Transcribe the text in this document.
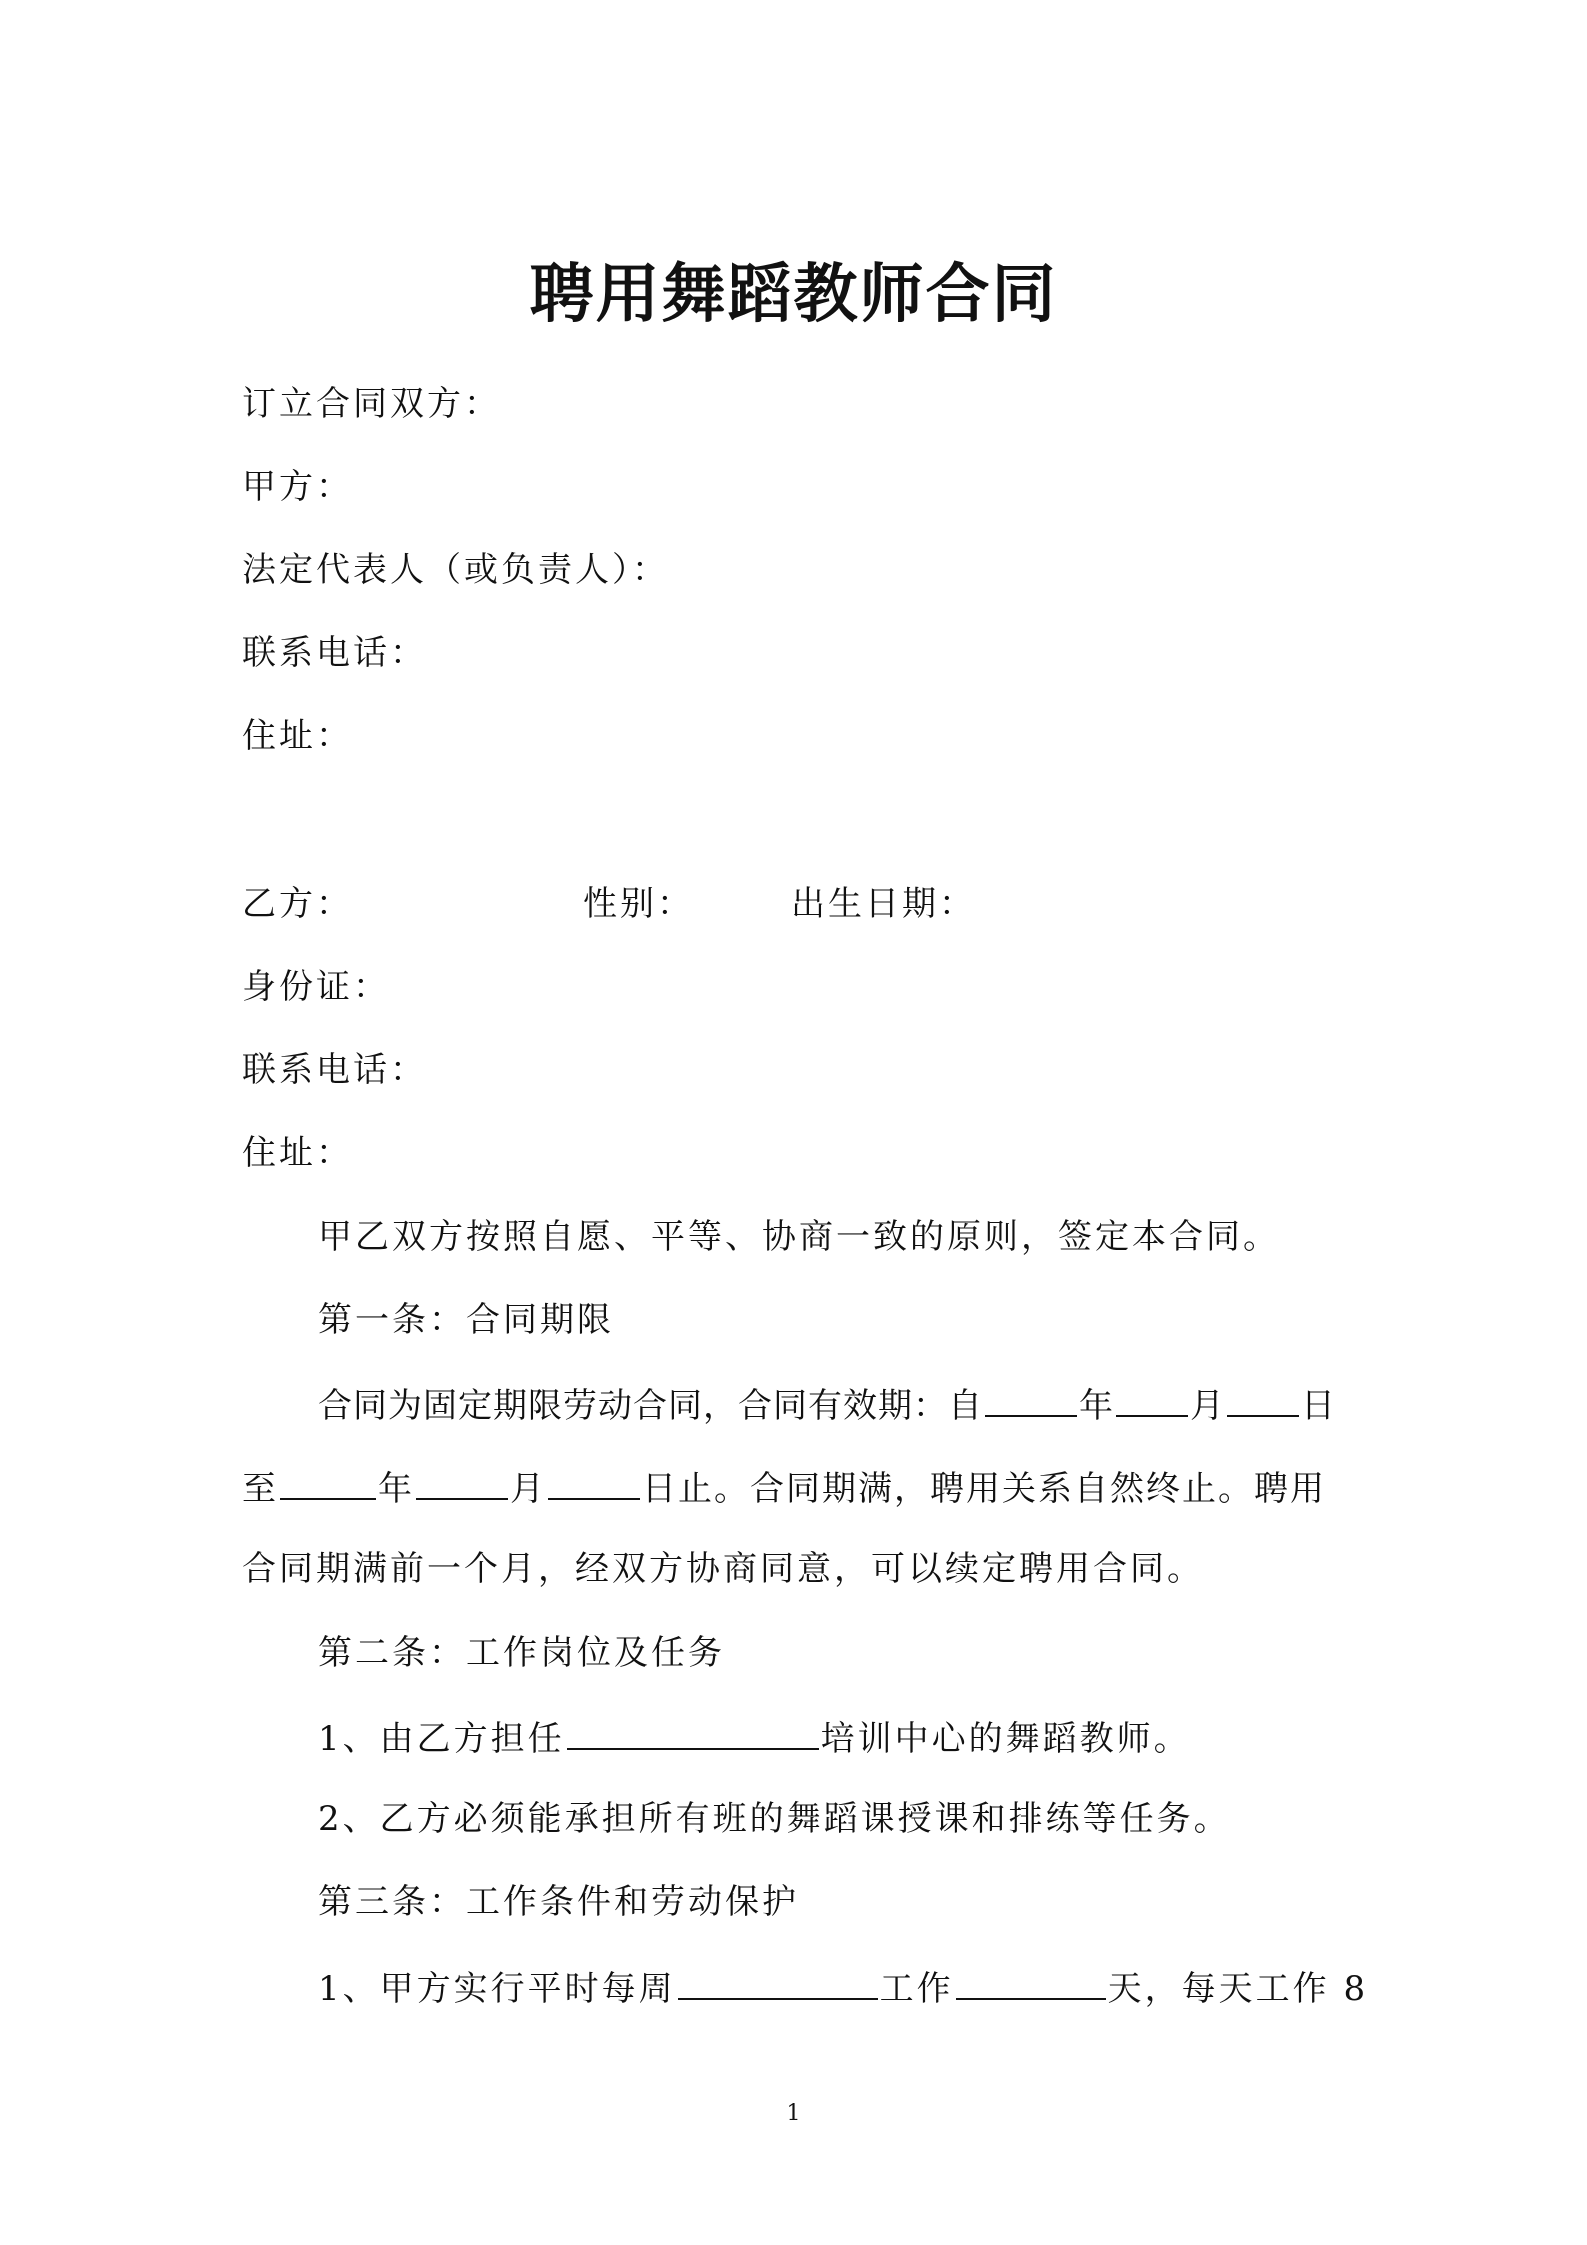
聘用舞蹈教师合同
订立合同双方：
甲方：
法定代表人（或负责人）：
联系电话：
住址：
乙方：	性别：	出生日期：
身份证：
联系电话：
住址：
甲乙双方按照自愿、平等、协商一致的原则，签定本合同。
第一条：合同期限
合同为固定期限劳动合同，合同有效期：自	年 月 日
至	年	月	日止。合同期满，聘用关系自然终止。聘用
合同期满前一个月，经双方协商同意，可以续定聘用合同。
第二条：工作岗位及任务
1、由乙方担任	培训中心的舞蹈教师。
2、乙方必须能承担所有班的舞蹈课授课和排练等任务。
第三条：工作条件和劳动保护
1、甲方实行平时每周	工作	天，每天工作 8
1
